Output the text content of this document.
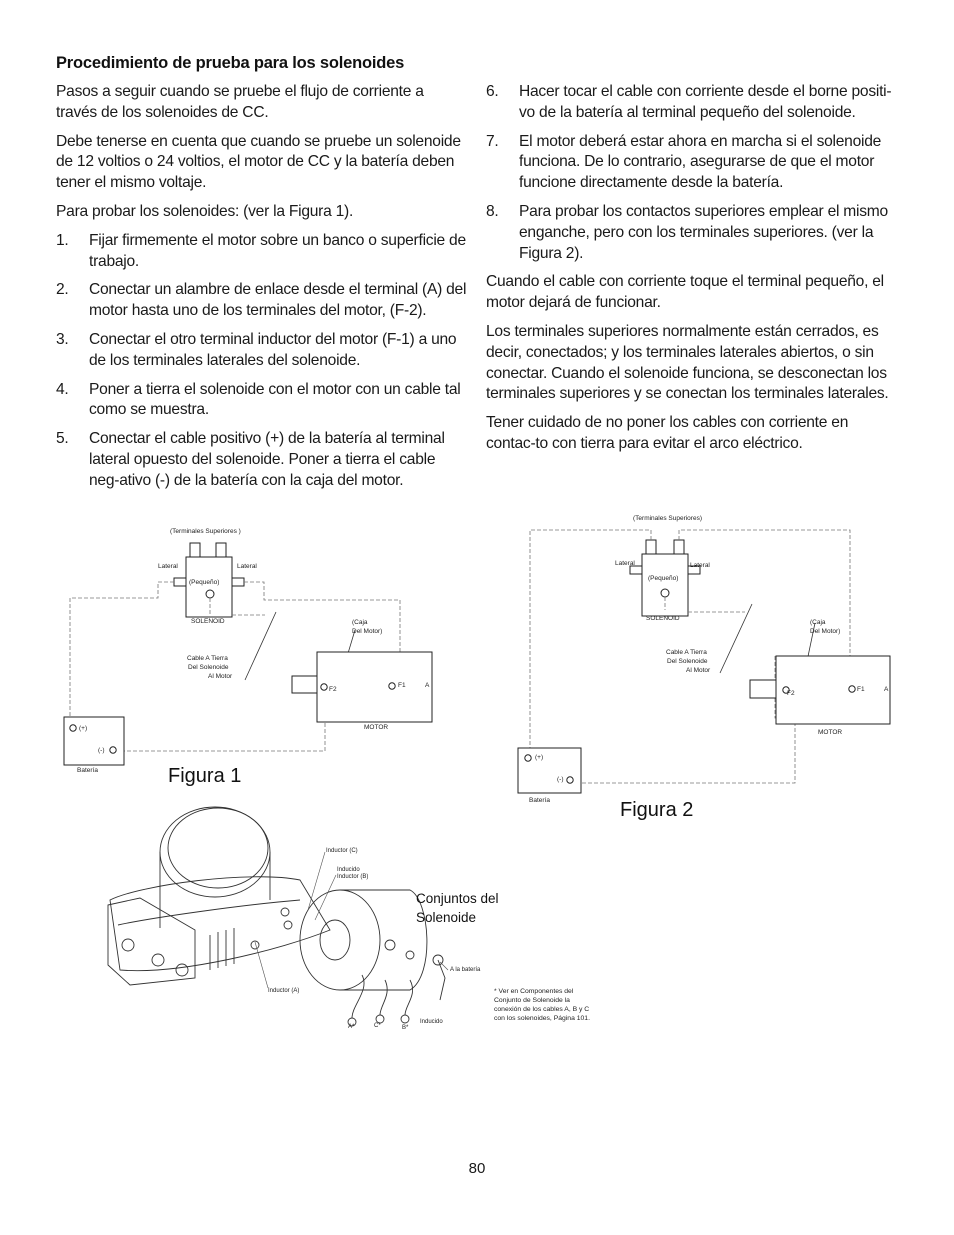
Procedimiento de prueba para los solenoides

Pasos a seguir cuando se pruebe el flujo de corriente a través de los solenoides de CC.

Debe tenerse en cuenta que cuando se pruebe un solenoide de 12 voltios o 24 voltios, el motor de CC y la batería deben tener el mismo voltaje.

Para probar los solenoides: (ver la Figura 1).

1.	Fijar firmemente el motor sobre un banco o superficie de trabajo.
2.	Conectar un alambre de enlace desde el terminal (A) del motor hasta uno de los terminales del motor, (F-2).
3.	Conectar el otro terminal inductor del motor (F-1) a uno de los terminales laterales del solenoide.
4.	Poner a tierra el solenoide con el motor con un cable tal como se muestra.
5.	Conectar el cable positivo (+) de la batería al terminal lateral opuesto del solenoide. Poner a tierra el cable neg-ativo (-) de la batería con la caja del motor.
6.	Hacer tocar el cable con corriente desde el borne positi-vo de la batería al terminal pequeño del solenoide.
7.	El motor deberá estar ahora en marcha si el solenoide funciona. De lo contrario, asegurarse de que el motor funcione directamente desde la batería.
8.	Para probar los contactos superiores emplear el mismo enganche, pero con los terminales superiores. (ver la Figura 2).

Cuando el cable con corriente toque el terminal pequeño, el motor dejará de funcionar.

Los terminales superiores normalmente están cerrados, es decir, conectados; y los terminales laterales abiertos, o sin conectar. Cuando el solenoide funciona, se desconectan los terminales superiores y se conectan los terminales laterales.

Tener cuidado de no poner los cables con corriente en contac-to con tierra para evitar el arco eléctrico.

(Terminales Superiores )
Lateral	Lateral
(Pequeño)
SOLENOID	(Caja
Del Motor)
Cable A Tierra
Del Solenoide
Al Motor
F2
F1	A
MOTOR
(+)
(-)
Batería	Figura 1
(Terminales Superiores)
Lateral	Lateral
(Pequeño)
SOLENOID
(Caja
Del Motor)
Cable A Tierra
Del Solenoide
Al Motor
F2
F1	A
MOTOR
(+)
(-)
Batería	Figura 2
Inductor (C)
Inducido
Inductor (B)
A la batería
Inductor (A)
A*	C*	B*
Inducido
* Ver en Componentes del
Conjunto de Solenoide la
conexión de los cables A, B y C
con los solenoides, Página 101.
Conjuntos del
Solenoide
80
